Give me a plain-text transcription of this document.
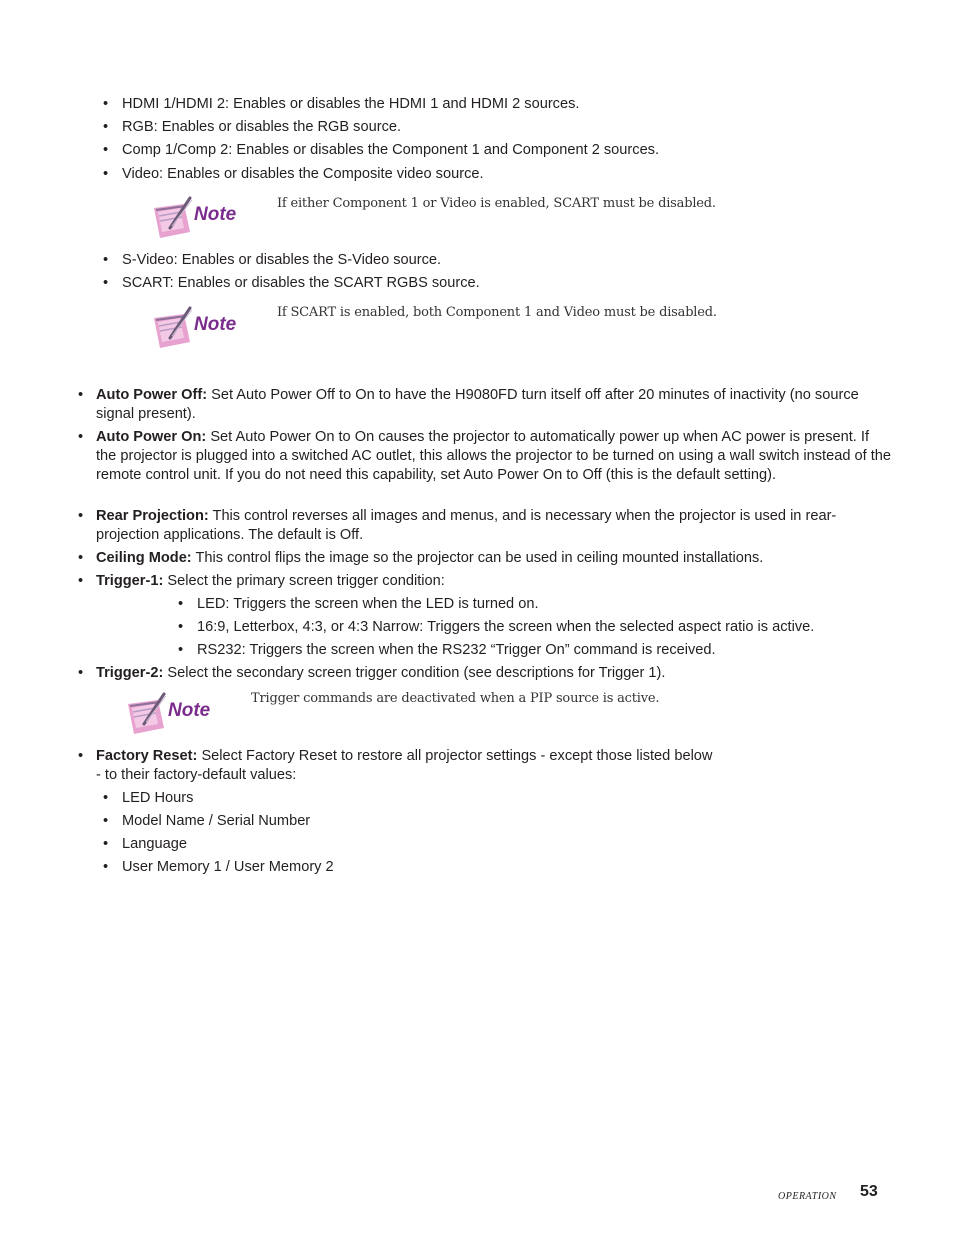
• HDMI 1/HDMI 2: Enables or disables the HDMI 1 and HDMI 2 sources.
• RGB: Enables or disables the RGB source.
• Comp 1/Comp 2: Enables or disables the Component 1 and Component 2 sources.
• Video: Enables or disables the Composite video source.
Note
If either Component 1 or Video is enabled, SCART must be disabled.
• S-Video: Enables or disables the S-Video source.
• SCART: Enables or disables the SCART RGBS source.
Note
If SCART is enabled, both Component 1 and Video must be disabled.
• Auto Power Off: Set Auto Power Off to On to have the H9080FD turn itself off after 20 minutes of inactivity (no source signal present).
• Auto Power On: Set Auto Power On to On causes the projector to automatically power up when AC power is present. If the projector is plugged into a switched AC outlet, this allows the projector to be turned on using a wall switch instead of the remote control unit. If you do not need this capability, set Auto Power On to Off (this is the default setting).
• Rear Projection: This control reverses all images and menus, and is necessary when the projector is used in rear-projection applications. The default is Off.
• Ceiling Mode: This control flips the image so the projector can be used in ceiling mounted installations.
• Trigger-1: Select the primary screen trigger condition:
• LED: Triggers the screen when the LED is turned on.
• 16:9, Letterbox, 4:3, or 4:3 Narrow: Triggers the screen when the selected aspect ratio is active.
• RS232: Triggers the screen when the RS232 “Trigger On” command is received.
• Trigger-2: Select the secondary screen trigger condition (see descriptions for Trigger 1).
Note
Trigger commands are deactivated when a PIP source is active.
• Factory Reset: Select Factory Reset to restore all projector settings - except those listed below - to their factory-default values:
• LED Hours
• Model Name / Serial Number
• Language
• User Memory 1 / User Memory 2
OPERATION 53
